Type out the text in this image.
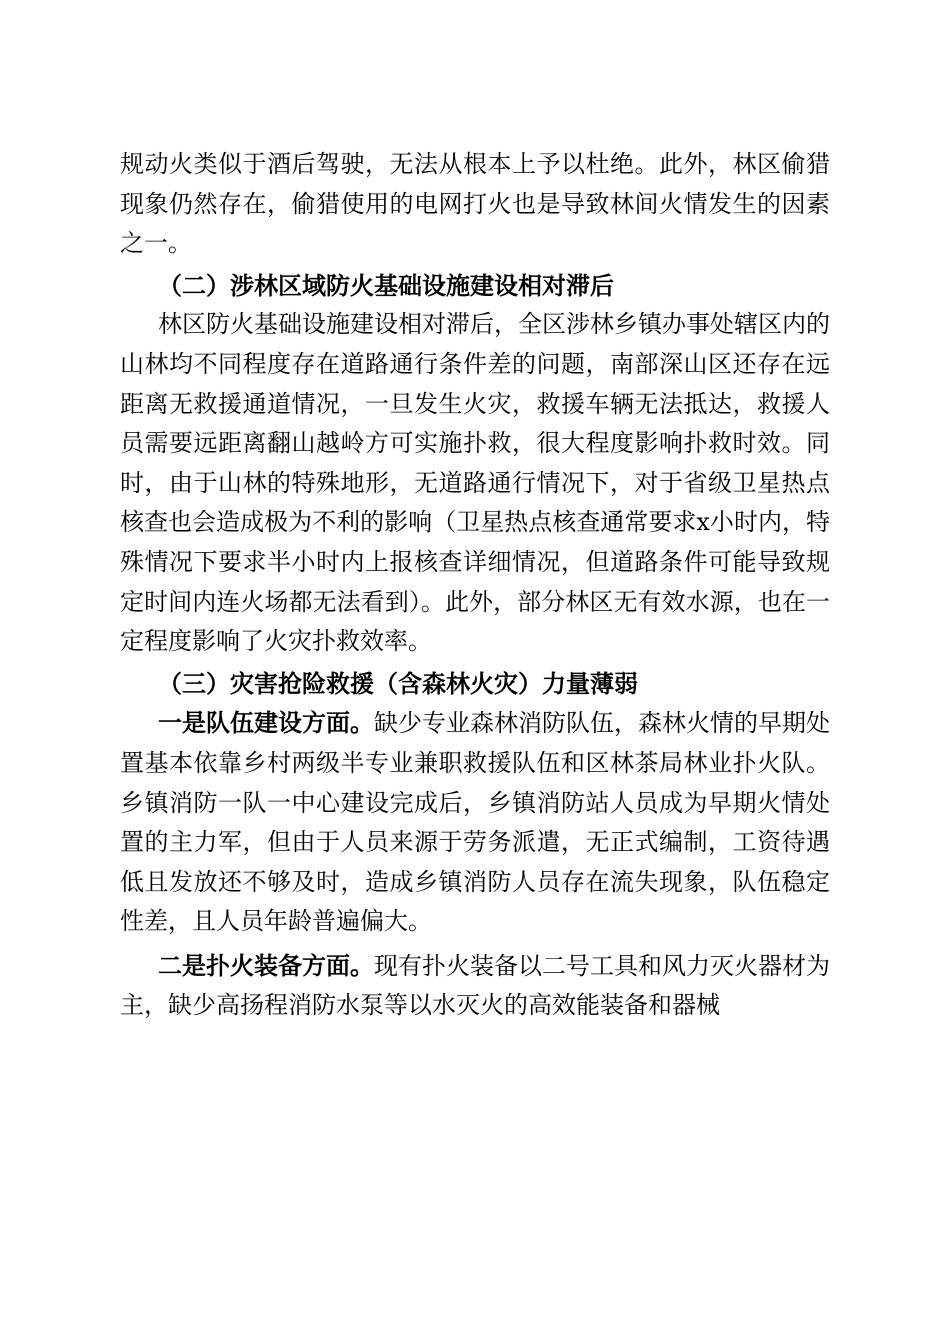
规动火类似于酒后驾驶，无法从根本上予以杜绝。此外，林区偷猎现象仍然存在，偷猎使用的电网打火也是导致林间火情发生的因素之一。

（二）涉林区域防火基础设施建设相对滞后

林区防火基础设施建设相对滞后，全区涉林乡镇办事处辖区内的山林均不同程度存在道路通行条件差的问题，南部深山区还存在远距离无救援通道情况，一旦发生火灾，救援车辆无法抵达，救援人员需要远距离翻山越岭方可实施扑救，很大程度影响扑救时效。同时，由于山林的特殊地形，无道路通行情况下，对于省级卫星热点核查也会造成极为不利的影响（卫星热点核查通常要求x小时内，特殊情况下要求半小时内上报核查详细情况，但道路条件可能导致规定时间内连火场都无法看到）。此外，部分林区无有效水源，也在一定程度影响了火灾扑救效率。

（三）灾害抢险救援（含森林火灾）力量薄弱

一是队伍建设方面。缺少专业森林消防队伍，森林火情的早期处置基本依靠乡村两级半专业兼职救援队伍和区林茶局林业扑火队。乡镇消防一队一中心建设完成后，乡镇消防站人员成为早期火情处置的主力军，但由于人员来源于劳务派遣，无正式编制，工资待遇低且发放还不够及时，造成乡镇消防人员存在流失现象，队伍稳定性差，且人员年龄普遍偏大。

二是扑火装备方面。现有扑火装备以二号工具和风力灭火器材为主，缺少高扬程消防水泵等以水灭火的高效能装备和器械
